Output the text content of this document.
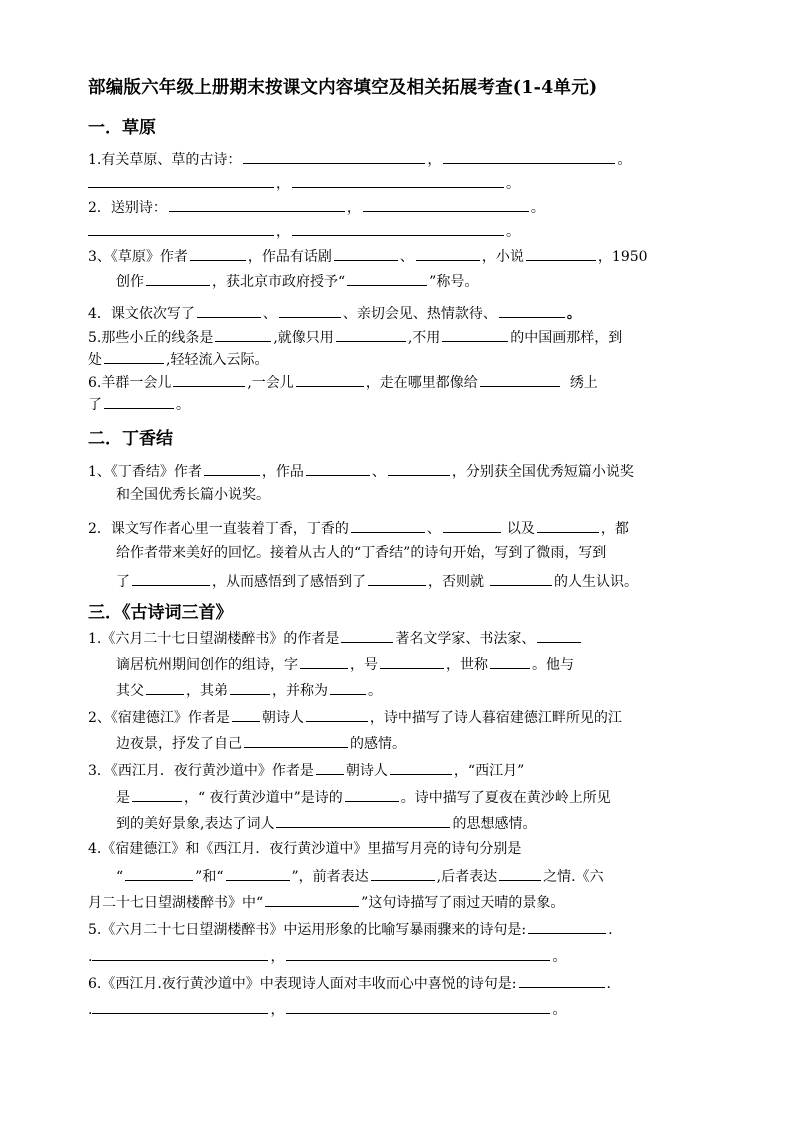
部编版六年级上册期末按课文内容填空及相关拓展考查(1-4单元)
一．草原
1.有关草原、草的古诗：	，	。
，	。
2．送别诗：	，	。
，	。
3、《草原》作者	，作品有话剧	、	，小说	，1950
创作	，获北京市政府授予“	”称号。
4．课文依次写了	、	、亲切会见、热情款待、	。
5.那些小丘的线条是	,就像只用	,不用	的中国画那样，到
处	,轻轻流入云际。
6.羊群一会儿	,一会儿	，走在哪里都像给	绣上
了	。
二．丁香结
1、《丁香结》作者	，作品	、	，分别获全国优秀短篇小说奖
和全国优秀长篇小说奖。
2．课文写作者心里一直装着丁香，丁香的	、	以及	，都
给作者带来美好的回忆。接着从古人的“丁香结”的诗句开始，写到了微雨，写到
了	，从而感悟到了感悟到了	，否则就	的人生认识。
三．《古诗词三首》
1.《六月二十七日望湖楼醉书》的作者是	著名文学家、书法家、
谪居杭州期间创作的组诗，字	，号	，世称	。他与
其父	，其弟	，并称为	。
2、《宿建德江》作者是 朝诗人	，诗中描写了诗人暮宿建德江畔所见的江
边夜景，抒发了自己	的感情。
3．《西江月．夜行黄沙道中》作者是 朝诗人	，“西江月”
是	，“ 夜行黄沙道中”是诗的	。诗中描写了夏夜在黄沙岭上所见
到的美好景象,表达了词人	的思想感情。
4.《宿建德江》和《西江月．夜行黄沙道中》里描写月亮的诗句分别是
“	”和“	”，前者表达	,后者表达	之情.《六
月二十七日望湖楼醉书》中“	”这句诗描写了雨过天晴的景象。
5.《六月二十七日望湖楼醉书》中运用形象的比喻写暴雨骤来的诗句是:	.
.	，	。
6.《西江月.夜行黄沙道中》中表现诗人面对丰收而心中喜悦的诗句是:	.
.	，	。
